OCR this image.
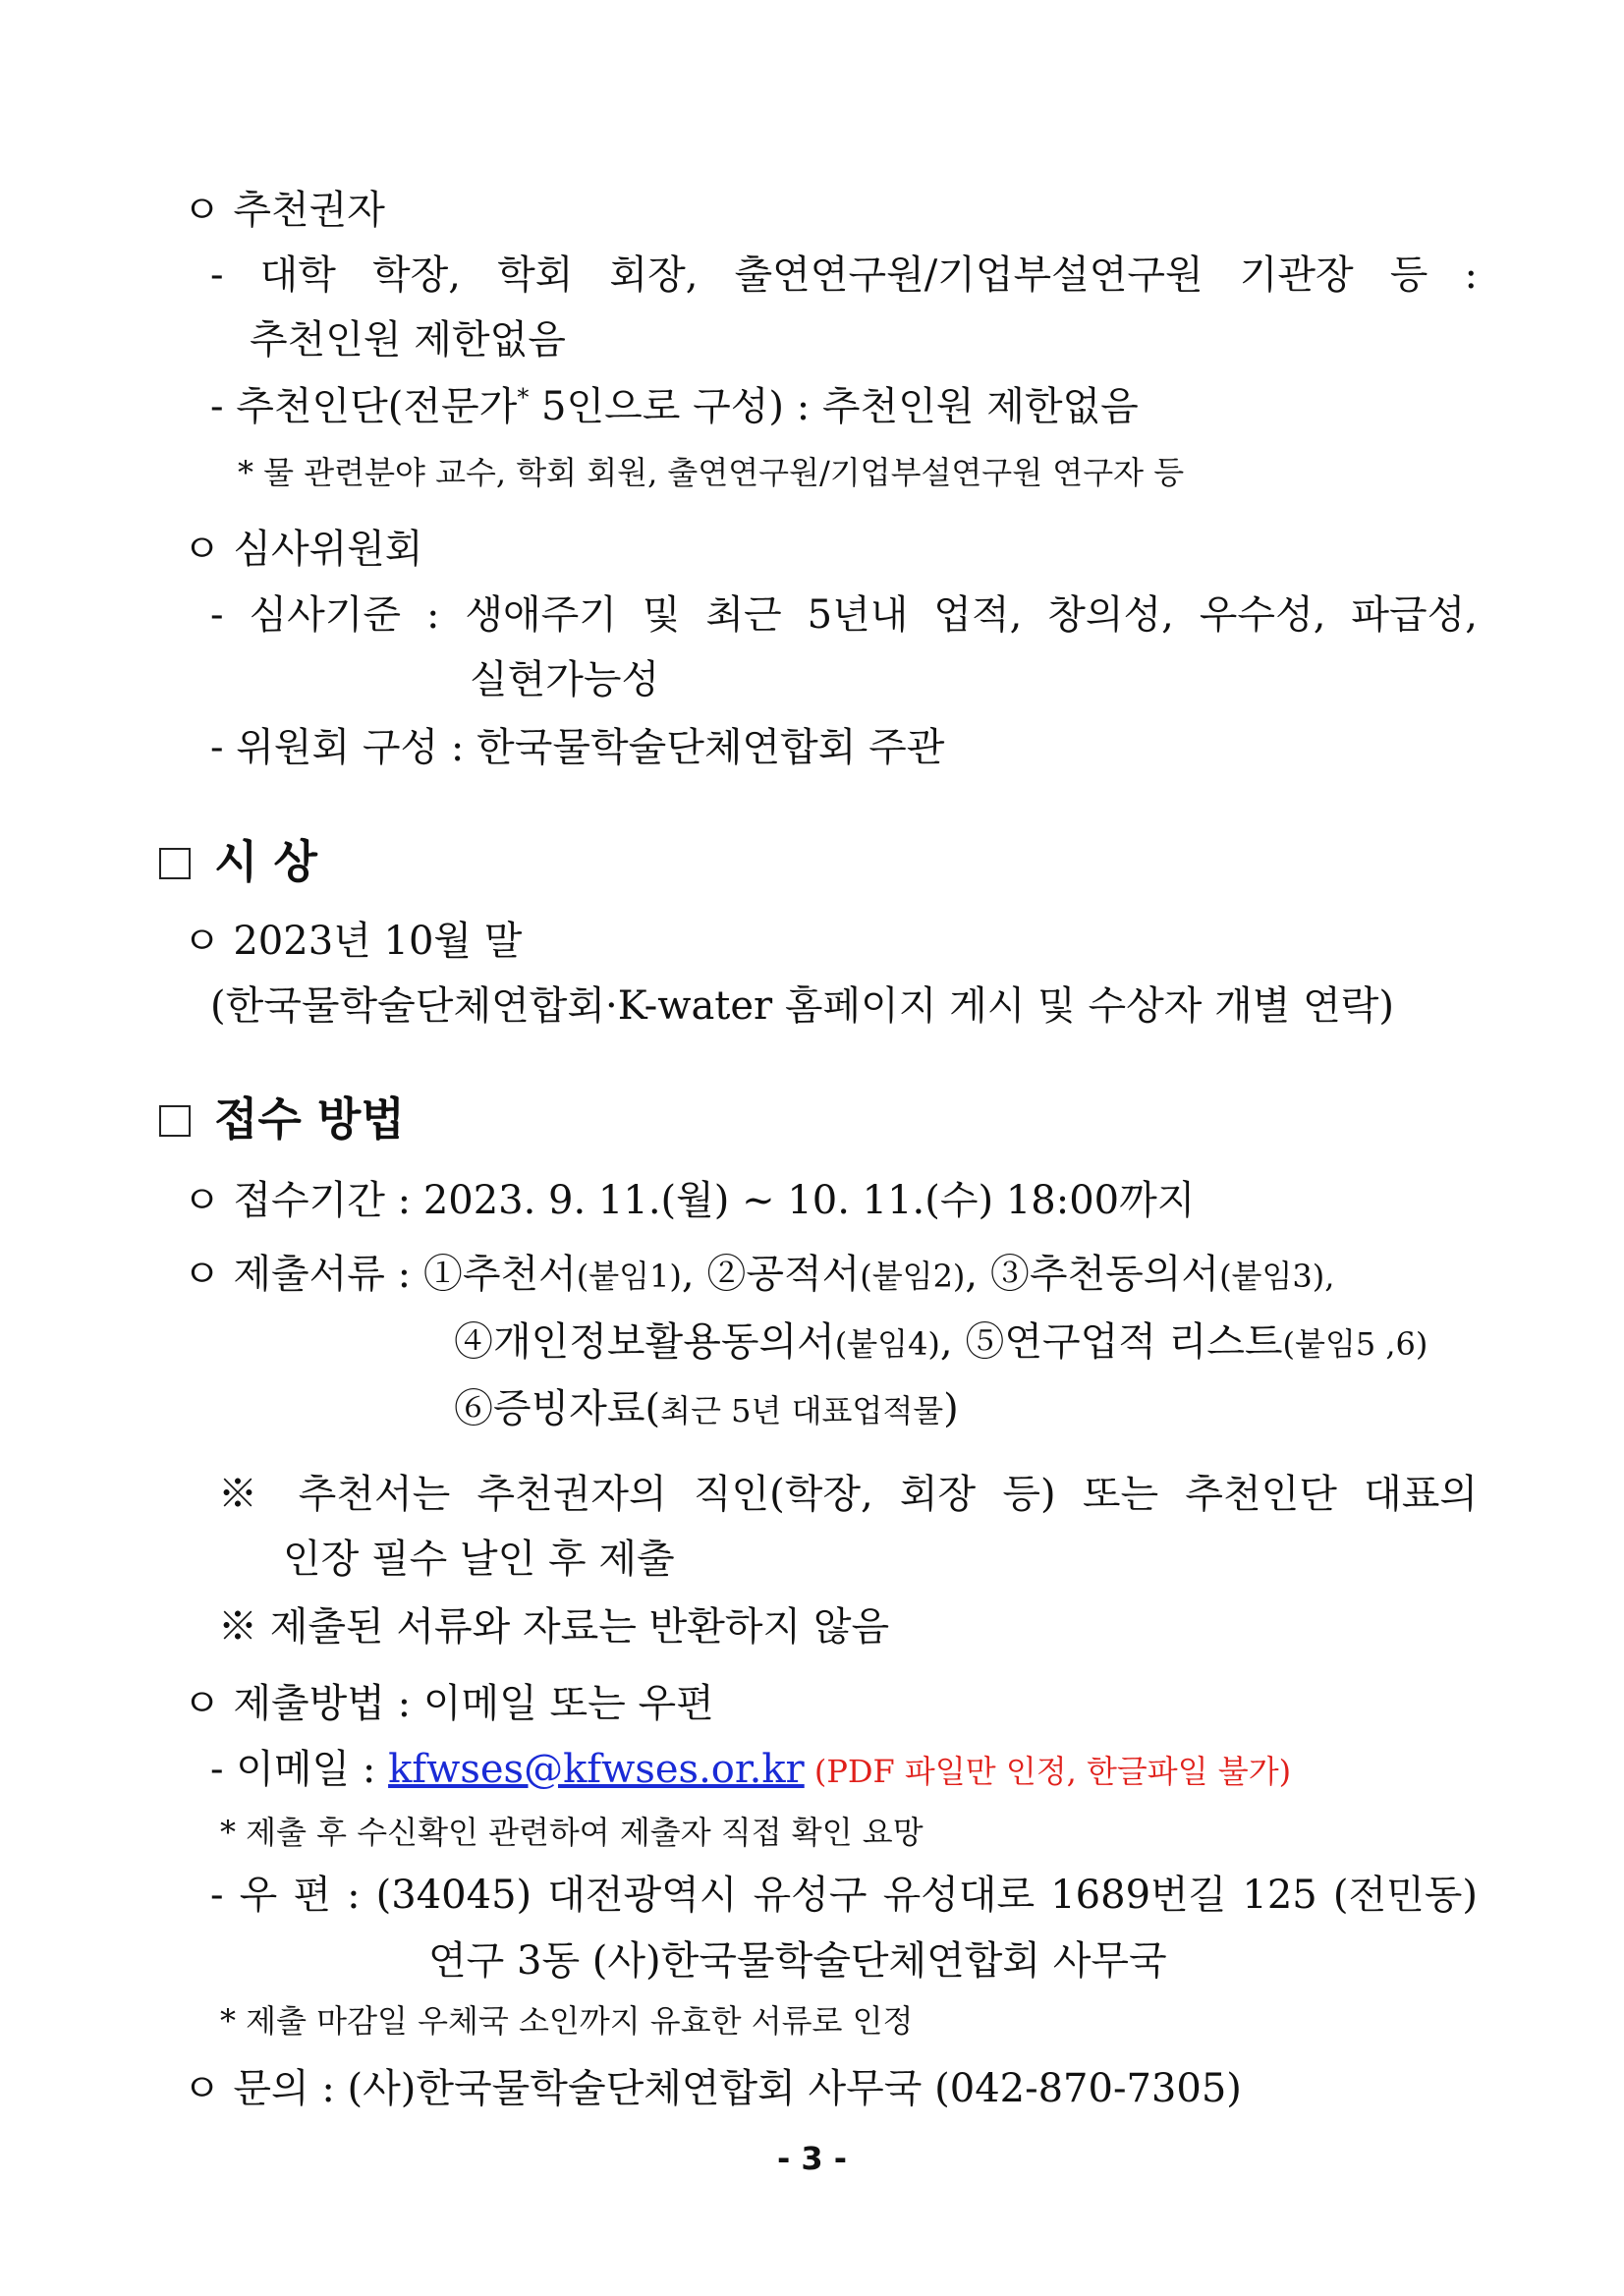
ㅇ 추천권자
- 대학 학장, 학회 회장, 출연연구원/기업부설연구원 기관장 등 :
추천인원 제한없음
- 추천인단(전문가* 5인으로 구성) : 추천인원 제한없음
* 물 관련분야 교수, 학회 회원, 출연연구원/기업부설연구원 연구자 등
ㅇ 심사위원회
- 심사기준 : 생애주기 및 최근 5년내 업적, 창의성, 우수성, 파급성,
실현가능성
- 위원회 구성 : 한국물학술단체연합회 주관
시 상
ㅇ 2023년 10월 말
(한국물학술단체연합회·K-water 홈페이지 게시 및 수상자 개별 연락)
접수 방법
ㅇ 접수기간 : 2023. 9. 11.(월) ~ 10. 11.(수) 18:00까지
ㅇ 제출서류 : ①추천서(붙임1), ②공적서(붙임2), ③추천동의서(붙임3),
④개인정보활용동의서(붙임4), ⑤연구업적 리스트(붙임5 ,6)
⑥증빙자료(최근 5년 대표업적물)
※ 추천서는 추천권자의 직인(학장, 회장 등) 또는 추천인단 대표의
인장 필수 날인 후 제출
※ 제출된 서류와 자료는 반환하지 않음
ㅇ 제출방법 : 이메일 또는 우편
- 이메일 : kfwses@kfwses.or.kr (PDF 파일만 인정, 한글파일 불가)
* 제출 후 수신확인 관련하여 제출자 직접 확인 요망
- 우 편 : (34045) 대전광역시 유성구 유성대로 1689번길 125 (전민동)
연구 3동 (사)한국물학술단체연합회 사무국
* 제출 마감일 우체국 소인까지 유효한 서류로 인정
ㅇ 문의 : (사)한국물학술단체연합회 사무국 (042-870-7305)
- 3 -
